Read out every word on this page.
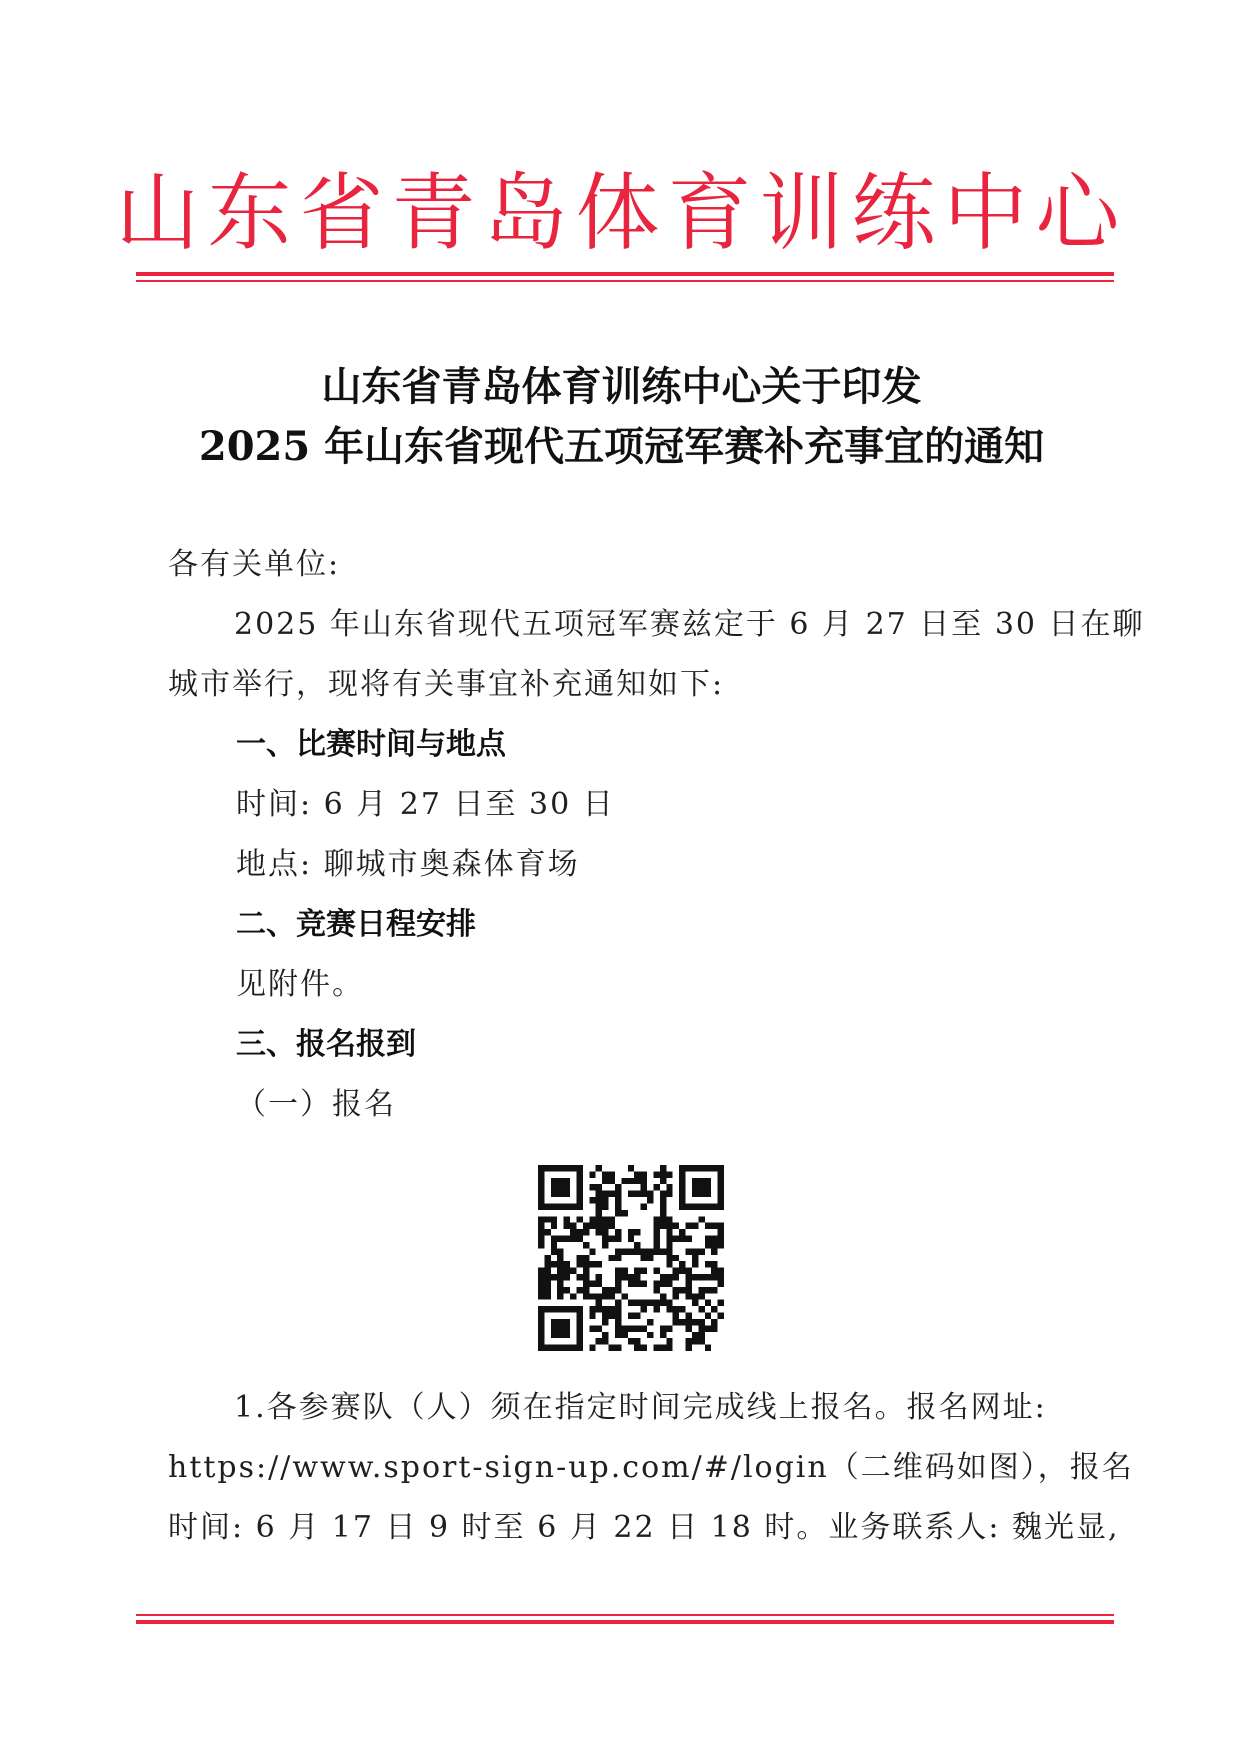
山东省青岛体育训练中心
山东省青岛体育训练中心关于印发
2025 年山东省现代五项冠军赛补充事宜的通知
各有关单位:
2025 年山东省现代五项冠军赛兹定于 6 月 27 日至 30 日在聊
城市举行，现将有关事宜补充通知如下:
一、比赛时间与地点
时间: 6 月 27 日至 30 日
地点: 聊城市奥森体育场
二、竞赛日程安排
见附件。
三、报名报到
（一）报名
1.各参赛队（人）须在指定时间完成线上报名。报名网址:
https://www.sport-sign-up.com/#/login（二维码如图），报名
时间: 6 月 17 日 9 时至 6 月 22 日 18 时。业务联系人: 魏光显,
